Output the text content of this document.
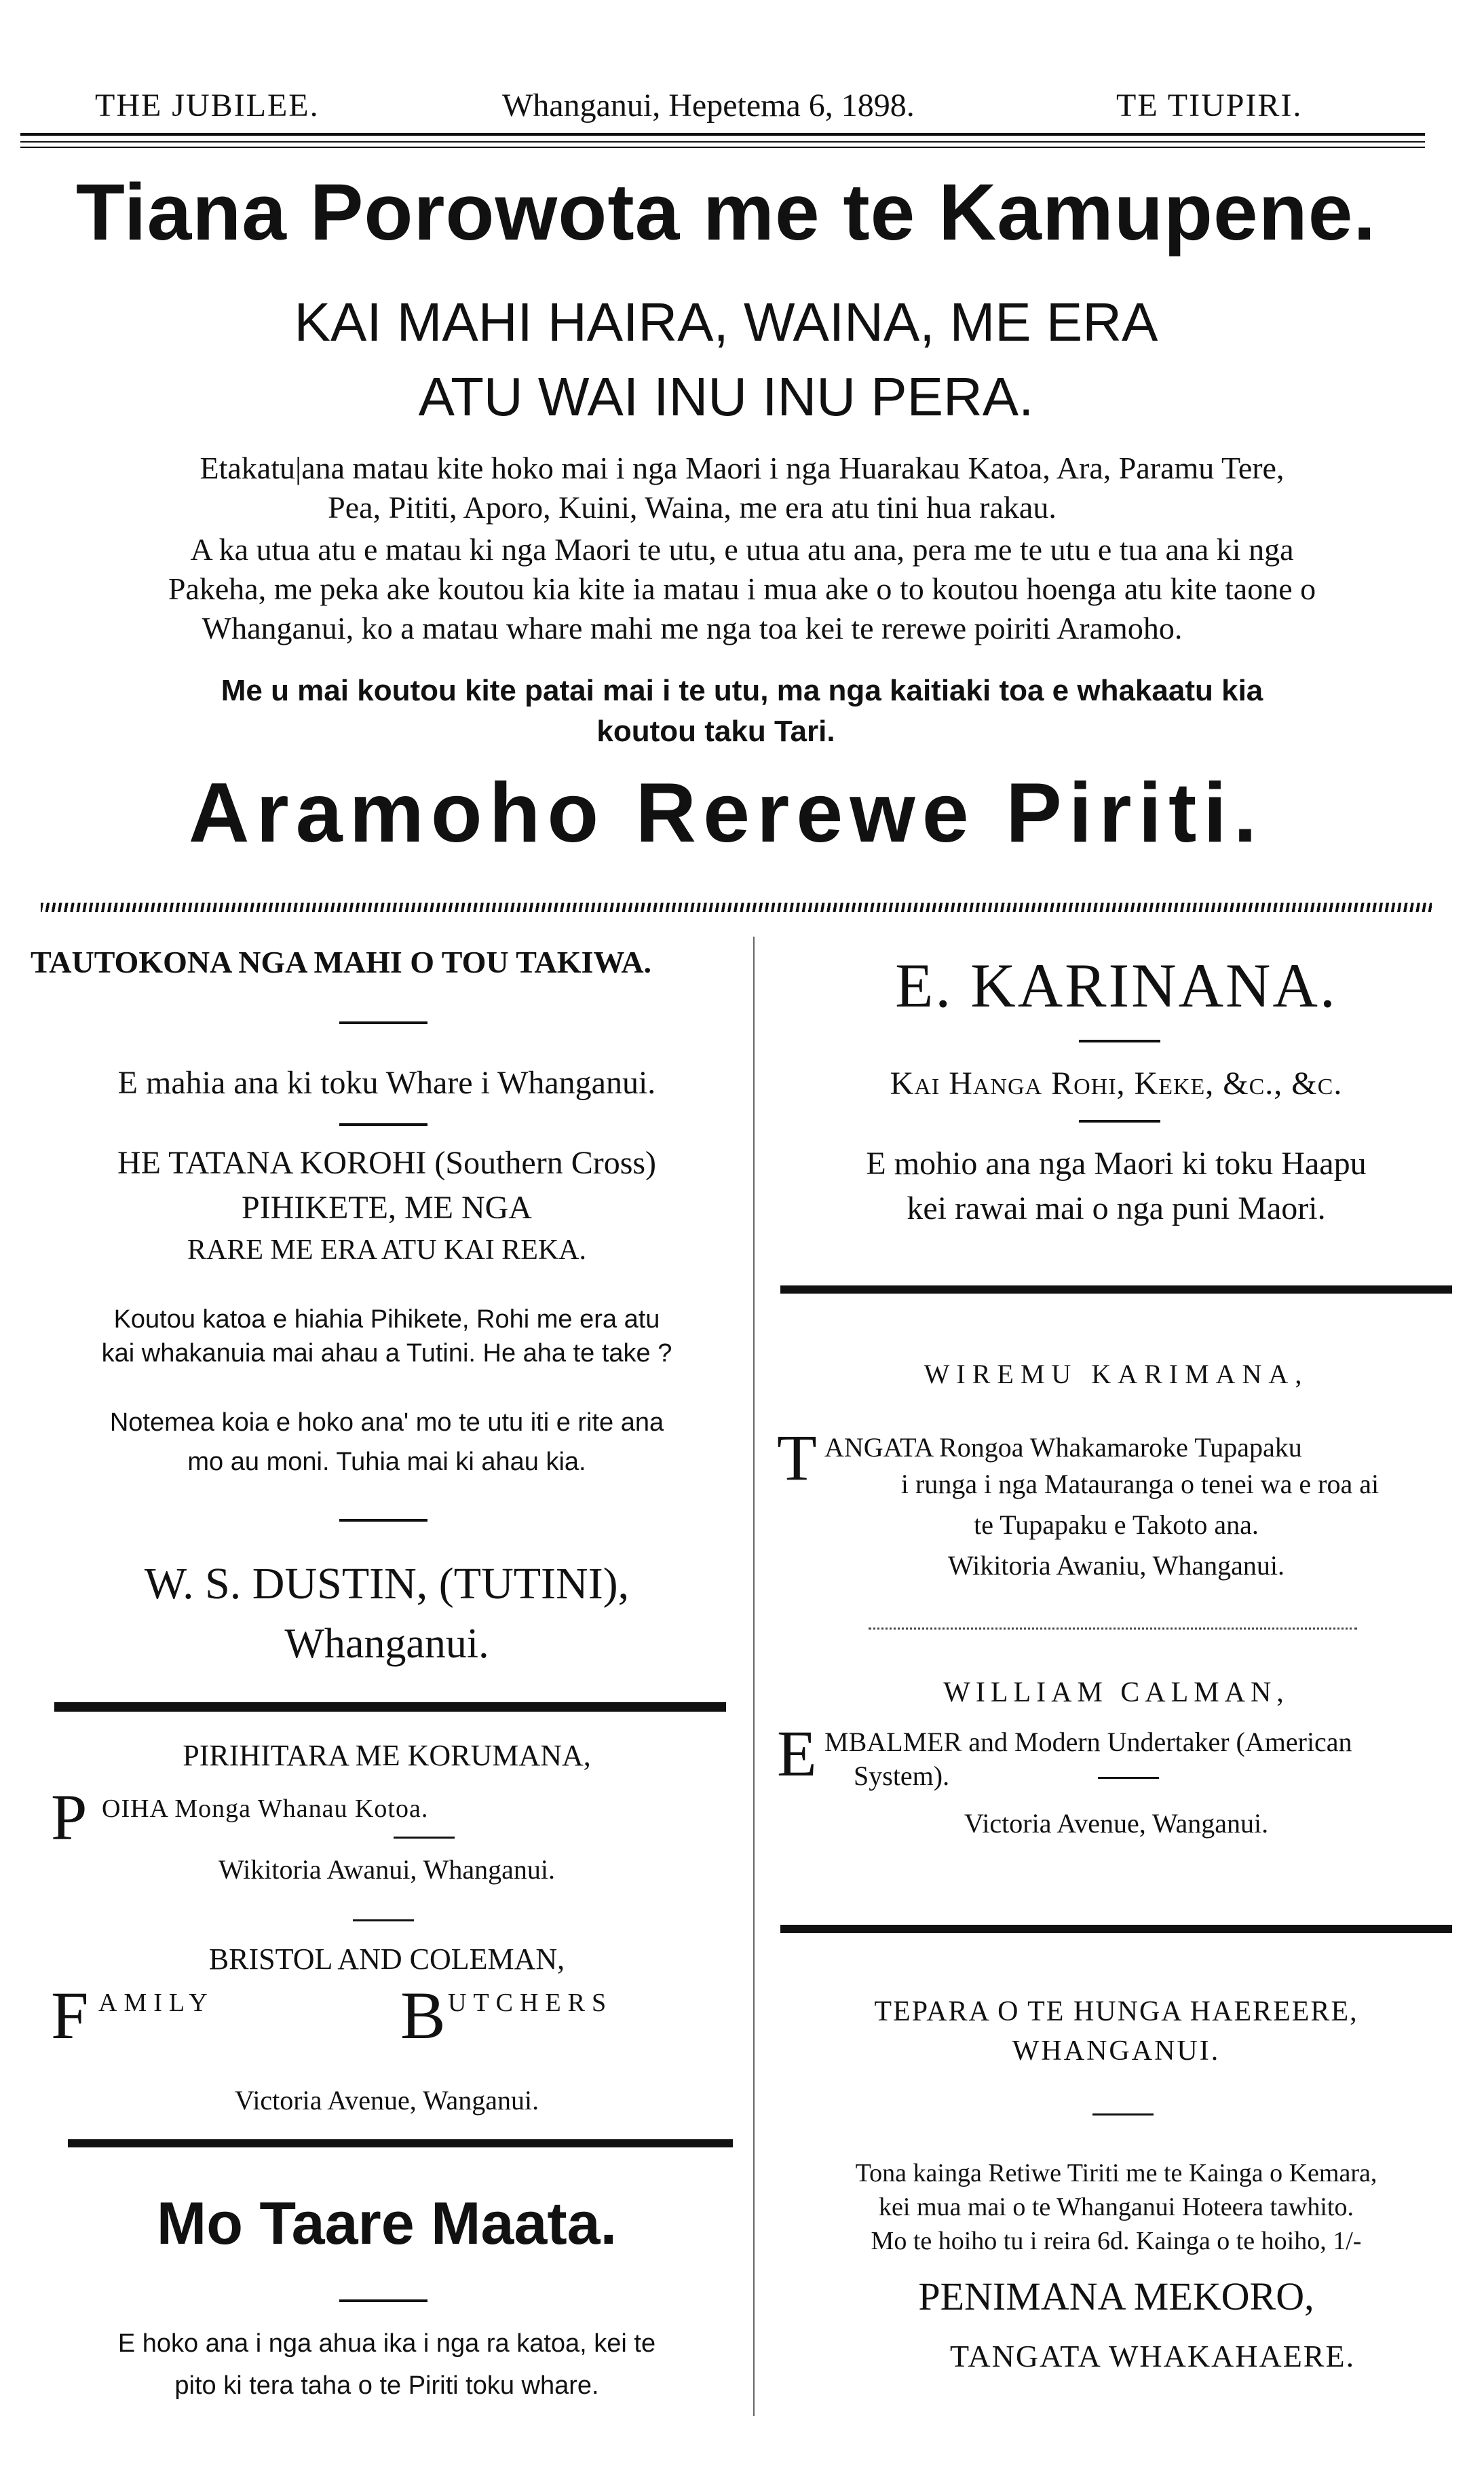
THE JUBILEE.	Whanganui, Hepetema 6, 1898.	TE TIUPIRI.
Tiana Porowota me te Kamupene.
KAI MAHI HAIRA, WAINA, ME ERA
ATU WAI INU INU PERA.
Etakatu|ana matau kite hoko mai i nga Maori i nga Huarakau Katoa, Ara, Paramu Tere,
Pea, Pititi, Aporo, Kuini, Waina, me era atu tini hua rakau.
A ka utua atu e matau ki nga Maori te utu, e utua atu ana, pera me te utu e tua ana ki nga
Pakeha, me peka ake koutou kia kite ia matau i mua ake o to koutou hoenga atu kite taone o
Whanganui, ko a matau whare mahi me nga toa kei te rerewe poiriti Aramoho.
Me u mai koutou kite patai mai i te utu, ma nga kaitiaki toa e whakaatu kia
koutou taku Tari.
Aramoho Rerewe Piriti.
TAUTOKONA NGA MAHI O TOU TAKIWA.
E mahia ana ki toku Whare i Whanganui.
HE TATANA KOROHI (Southern Cross)
PIHIKETE, ME NGA
RARE ME ERA ATU KAI REKA.
Koutou katoa e hiahia Pihikete, Rohi me era atu
kai whakanuia mai ahau a Tutini. He aha te take ?
Notemea koia e hoko ana' mo te utu iti e rite ana
mo au moni. Tuhia mai ki ahau kia.
W. S. DUSTIN, (TUTINI),
Whanganui.
PIRIHITARA ME KORUMANA,
P OIHA Monga Whanau Kotoa.
Wikitoria Awanui, Whanganui.
BRISTOL AND COLEMAN,
F AMILY	B UTCHERS
Victoria Avenue, Wanganui.
Mo Taare Maata.
E hoko ana i nga ahua ika i nga ra katoa, kei te
pito ki tera taha o te Piriti toku whare.
E. KARINANA.
Kai Hanga Rohi, Keke, &c., &c.
E mohio ana nga Maori ki toku Haapu
kei rawai mai o nga puni Maori.
WIREMU KARIMANA,
T ANGATA Rongoa Whakamaroke Tupapaku
i runga i nga Matauranga o tenei wa e roa ai
te Tupapaku e Takoto ana.
Wikitoria Awaniu, Whanganui.
WILLIAM CALMAN,
E MBALMER and Modern Undertaker (American
System).
Victoria Avenue, Wanganui.
TEPARA O TE HUNGA HAEREERE,
WHANGANUI.
Tona kainga Retiwe Tiriti me te Kainga o Kemara,
kei mua mai o te Whanganui Hoteera tawhito.
Mo te hoiho tu i reira 6d. Kainga o te hoiho, 1/-
PENIMANA MEKORO,
TANGATA WHAKAHAERE.
